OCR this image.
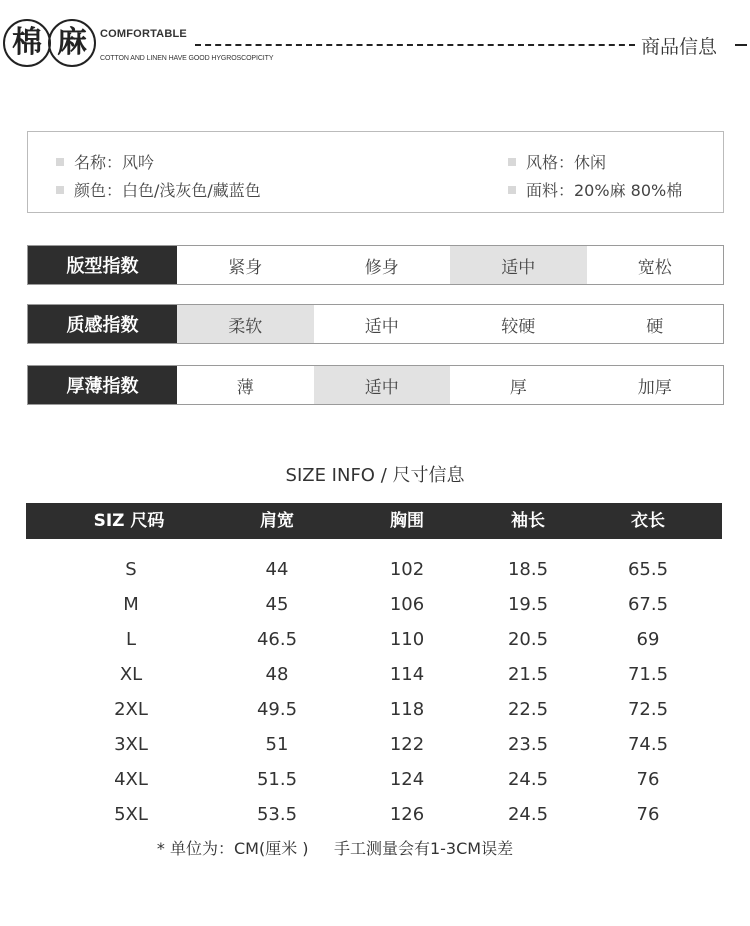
棉 麻 COMFORTABLE
COTTON AND LINEN HAVE GOOD HYGROSCOPICITY
商品信息
名称：风吟
颜色：白色/浅灰色/藏蓝色
风格：休闲
面料：20%麻 80%棉
版型指数	紧身	修身	适中	宽松
质感指数	柔软	适中	较硬	硬
厚薄指数	薄	适中	厚	加厚
SIZE INFO / 尺寸信息
SIZ 尺码	肩宽	胸围	袖长	衣长
S	44	102	18.5	65.5
M	45	106	19.5	67.5
L	46.5	110	20.5	69
XL	48	114	21.5	71.5
2XL	49.5	118	22.5	72.5
3XL	51	122	23.5	74.5
4XL	51.5	124	24.5	76
5XL	53.5	126	24.5	76
* 单位为：CM(厘米 )     手工测量会有1-3CM误差
